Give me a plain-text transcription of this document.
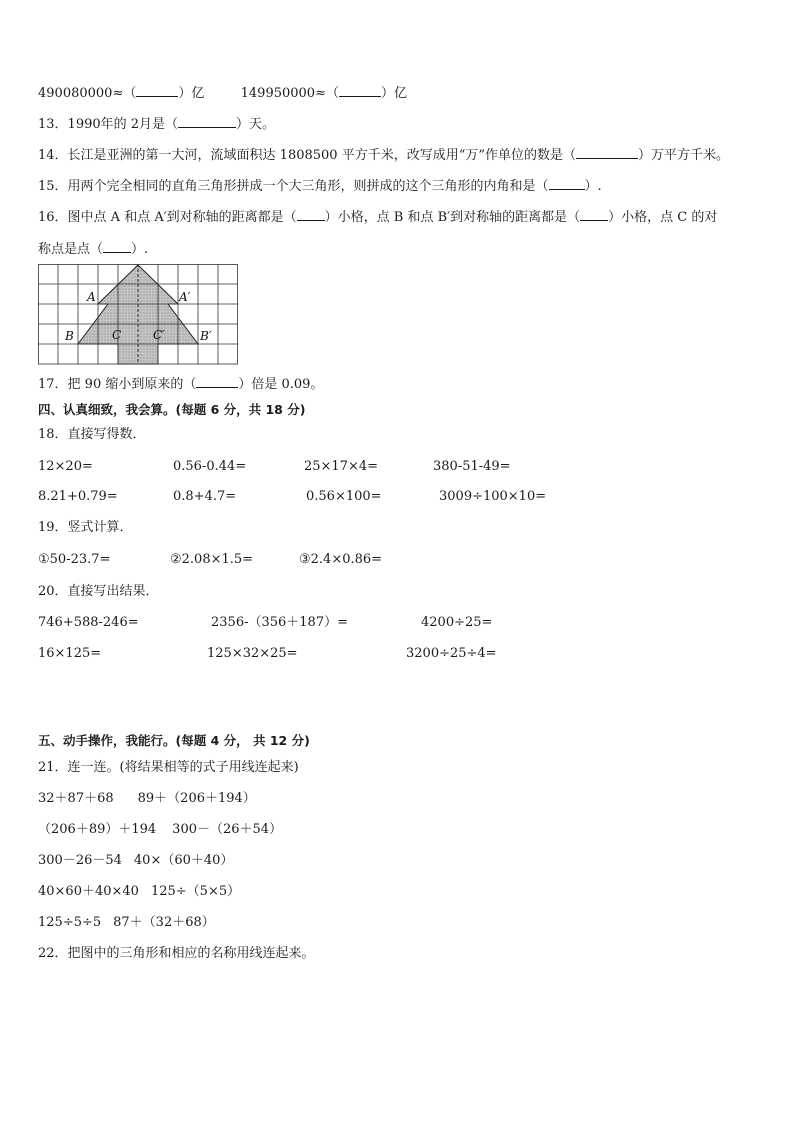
490080000≈（	）亿	149950000≈（	）亿
13．1990年的 2月是（	）天。
14．长江是亚洲的第一大河，流域面积达 1808500 平方千米，改写成用“万”作单位的数是（	）万平方千米。
15．用两个完全相同的直角三角形拼成一个大三角形，则拼成的这个三角形的内角和是（	）.
16．图中点 A 和点 A′到对称轴的距离都是（ ）小格，点 B 和点 B′到对称轴的距离都是（ ）小格，点 C 的对
称点是点（ ）.
A	A′
B	B′
C	C′
17．把 90 缩小到原来的（	）倍是 0.09。
四、认真细致，我会算。(每题 6 分，共 18 分)
18．直接写得数．
12×20=	0.56-0.44=	25×17×4=	380-51-49=
8.21+0.79=	0.8+4.7=	0.56×100=	3009÷100×10=
19．竖式计算．
①50-23.7=	②2.08×1.5=	③2.4×0.86=
20．直接写出结果．
746+588-246=	2356-（356＋187）=	4200÷25=
16×125=	125×32×25=	3200÷25÷4=
五、动手操作，我能行。(每题 4 分， 共 12 分)
21．连一连。(将结果相等的式子用线连起来)
32＋87＋68 89＋（206＋194）
（206＋89）＋194 300－（26＋54）
300－26－54 40×（60＋40）
40×60＋40×40 125÷（5×5）
125÷5÷5 87＋（32＋68）
22．把图中的三角形和相应的名称用线连起来。
